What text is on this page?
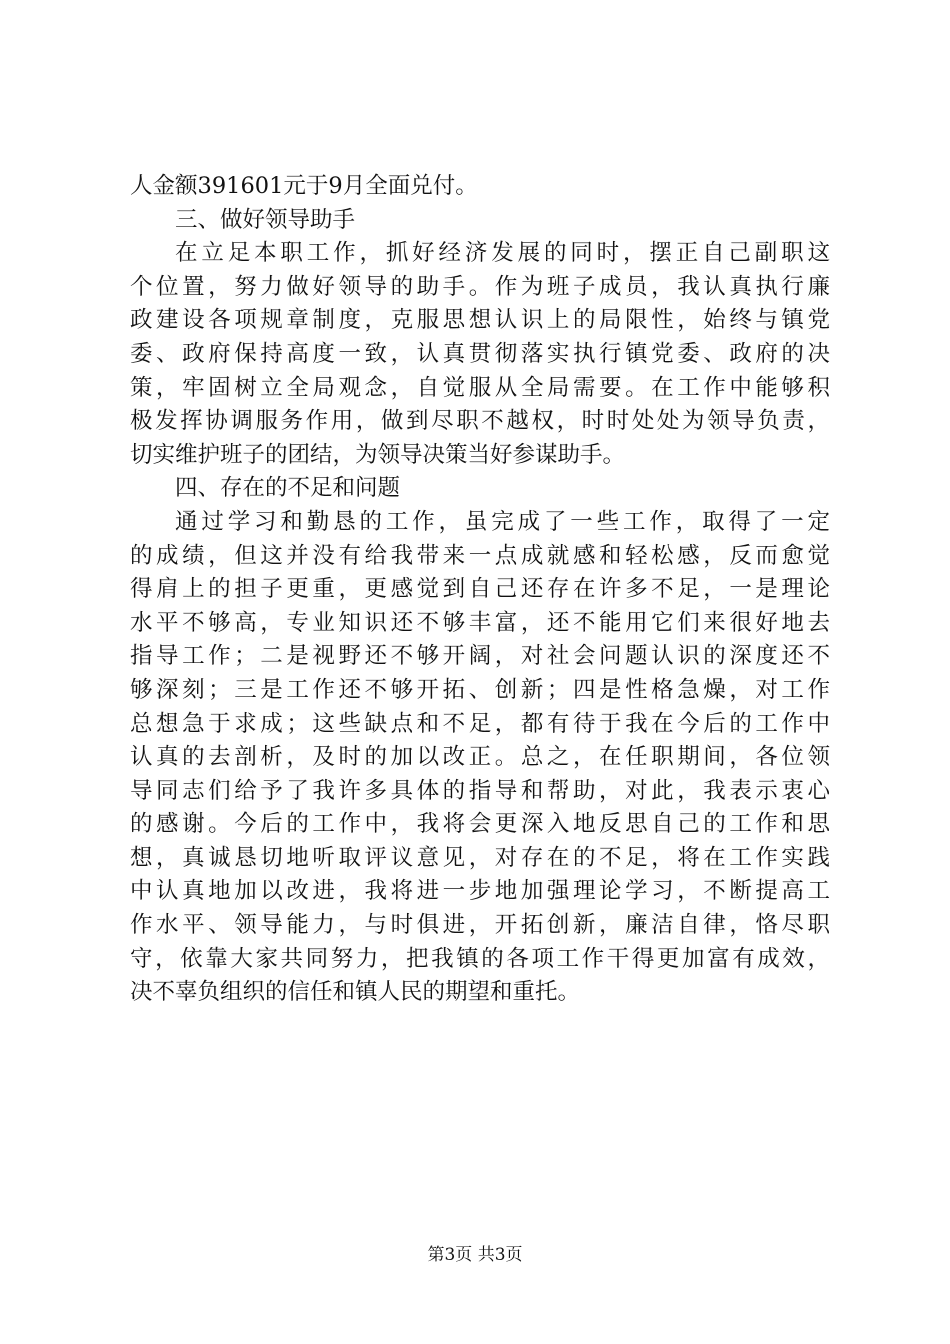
人金额391601元于9月全面兑付。
三、做好领导助手
在立足本职工作，抓好经济发展的同时，摆正自己副职这
个位置，努力做好领导的助手。作为班子成员，我认真执行廉
政建设各项规章制度，克服思想认识上的局限性，始终与镇党
委、政府保持高度一致，认真贯彻落实执行镇党委、政府的决
策，牢固树立全局观念，自觉服从全局需要。在工作中能够积
极发挥协调服务作用，做到尽职不越权，时时处处为领导负责，
切实维护班子的团结，为领导决策当好参谋助手。
四、存在的不足和问题
通过学习和勤恳的工作，虽完成了一些工作，取得了一定
的成绩，但这并没有给我带来一点成就感和轻松感，反而愈觉
得肩上的担子更重，更感觉到自己还存在许多不足，一是理论
水平不够高，专业知识还不够丰富，还不能用它们来很好地去
指导工作；二是视野还不够开阔，对社会问题认识的深度还不
够深刻；三是工作还不够开拓、创新；四是性格急燥，对工作
总想急于求成；这些缺点和不足，都有待于我在今后的工作中
认真的去剖析，及时的加以改正。总之，在任职期间，各位领
导同志们给予了我许多具体的指导和帮助，对此，我表示衷心
的感谢。今后的工作中，我将会更深入地反思自己的工作和思
想，真诚恳切地听取评议意见，对存在的不足，将在工作实践
中认真地加以改进，我将进一步地加强理论学习，不断提高工
作水平、领导能力，与时俱进，开拓创新，廉洁自律，恪尽职
守，依靠大家共同努力，把我镇的各项工作干得更加富有成效，
决不辜负组织的信任和镇人民的期望和重托。
第3页 共3页
